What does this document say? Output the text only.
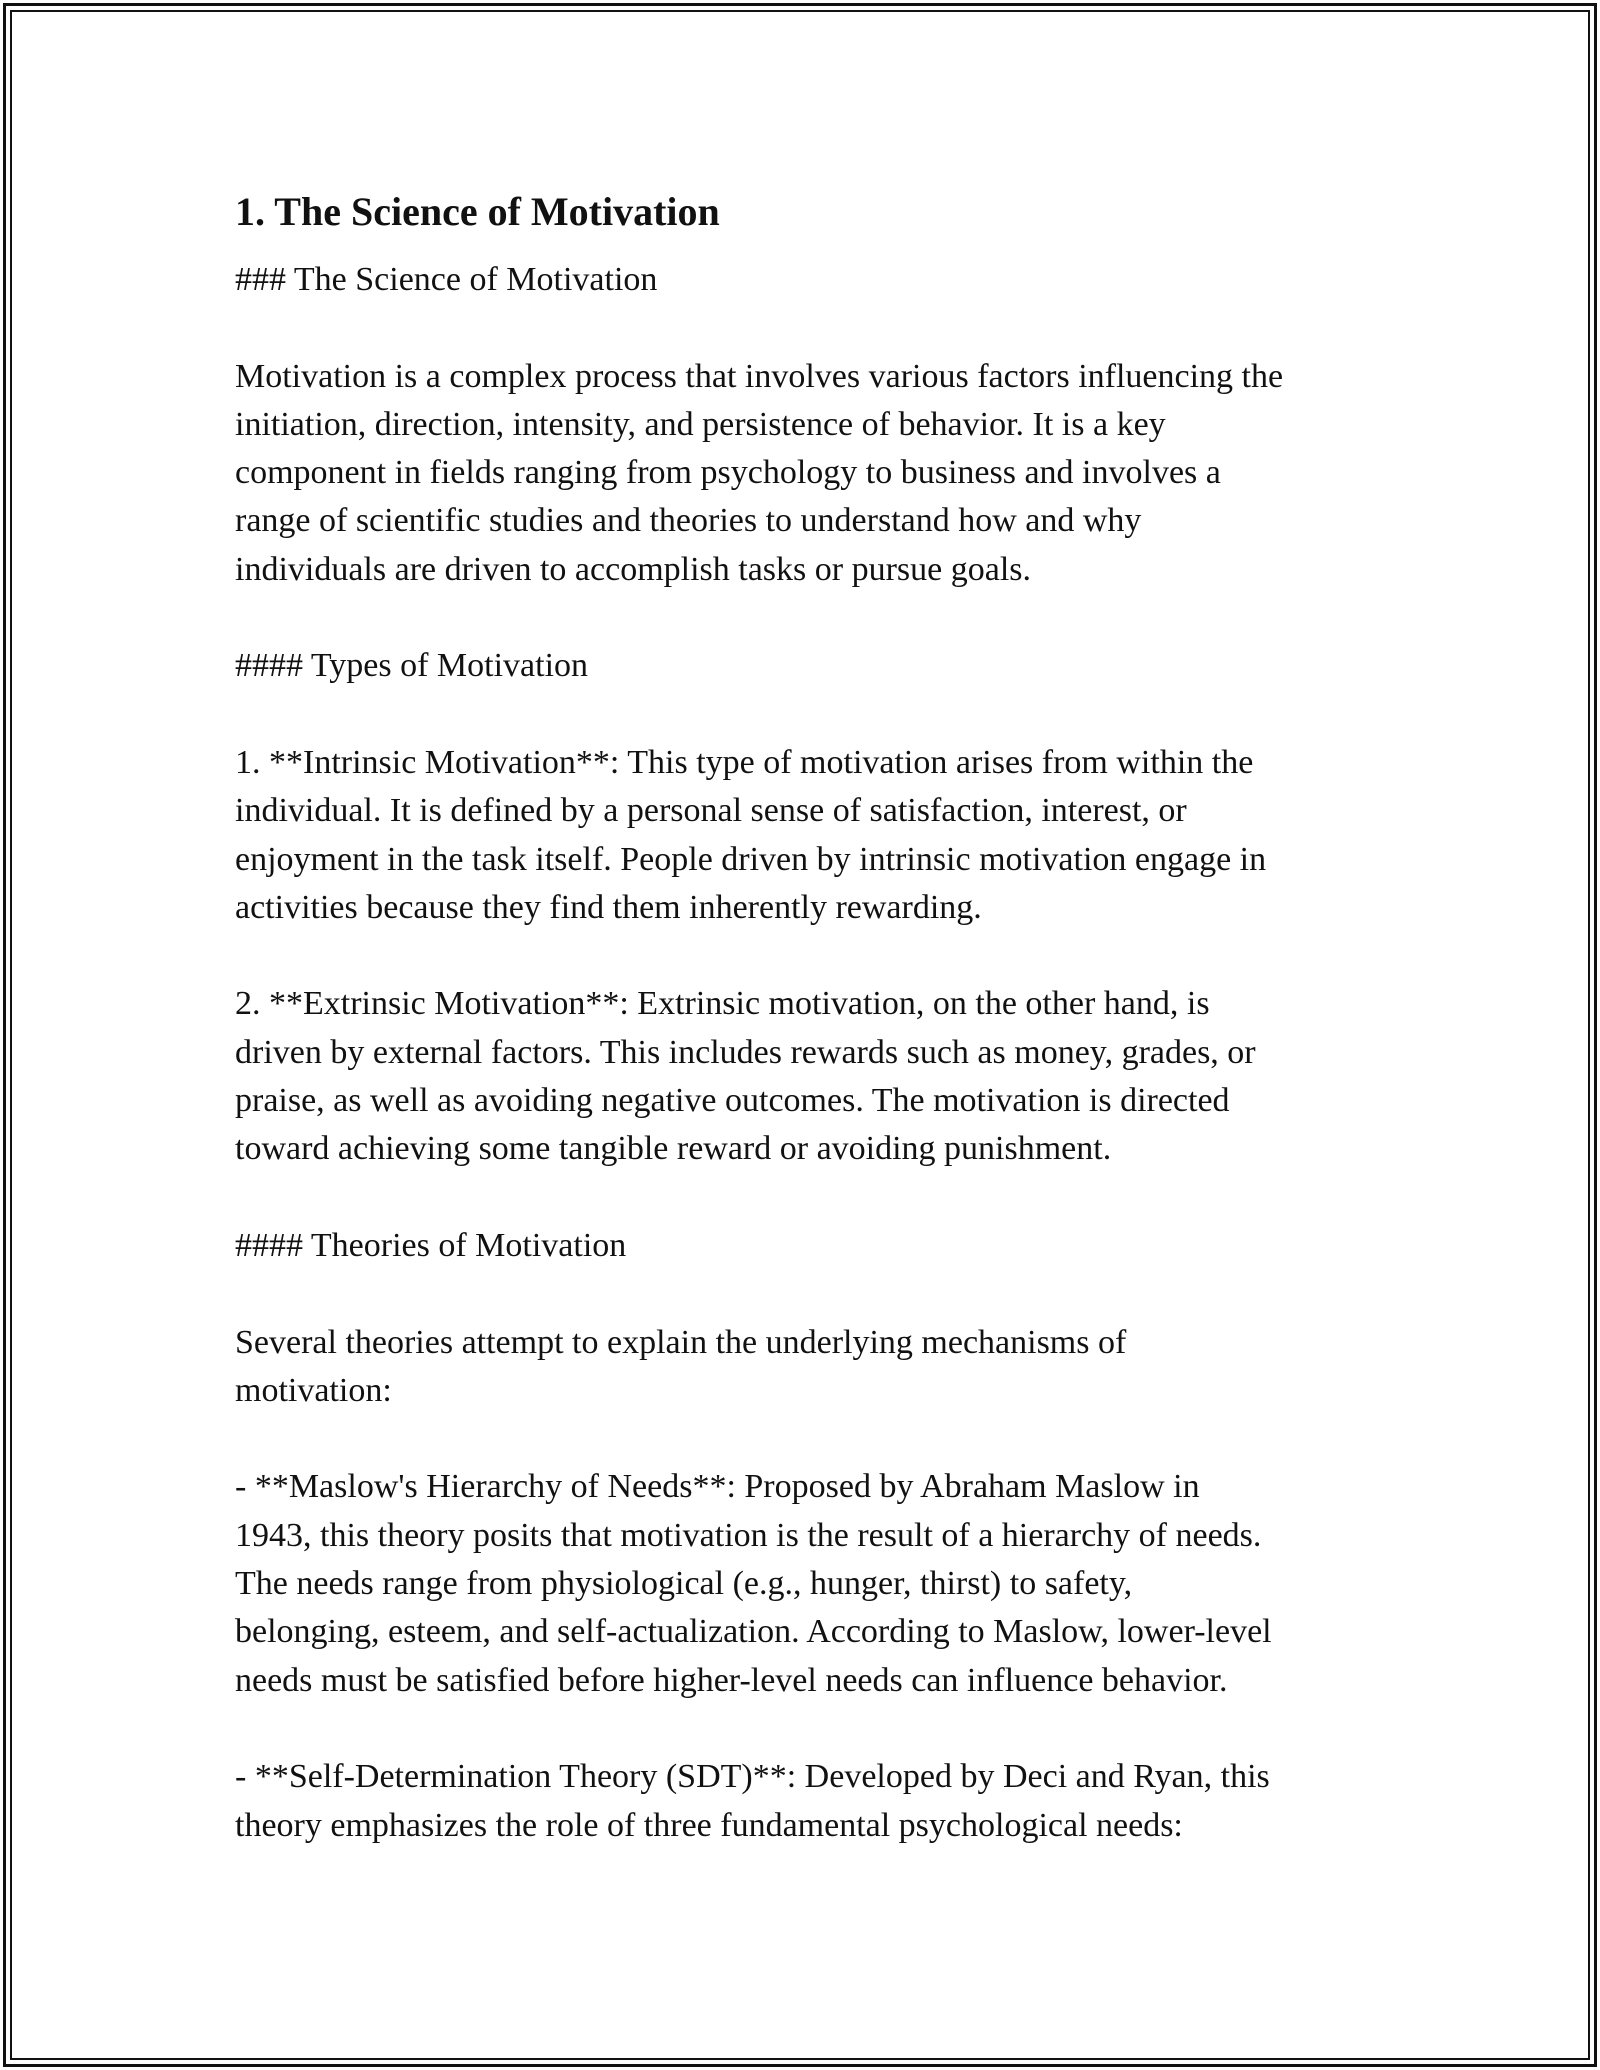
1. The Science of Motivation
### The Science of Motivation
Motivation is a complex process that involves various factors influencing the
initiation, direction, intensity, and persistence of behavior. It is a key
component in fields ranging from psychology to business and involves a
range of scientific studies and theories to understand how and why
individuals are driven to accomplish tasks or pursue goals.
#### Types of Motivation
1. **Intrinsic Motivation**: This type of motivation arises from within the
individual. It is defined by a personal sense of satisfaction, interest, or
enjoyment in the task itself. People driven by intrinsic motivation engage in
activities because they find them inherently rewarding.
2. **Extrinsic Motivation**: Extrinsic motivation, on the other hand, is
driven by external factors. This includes rewards such as money, grades, or
praise, as well as avoiding negative outcomes. The motivation is directed
toward achieving some tangible reward or avoiding punishment.
#### Theories of Motivation
Several theories attempt to explain the underlying mechanisms of
motivation:
- **Maslow's Hierarchy of Needs**: Proposed by Abraham Maslow in
1943, this theory posits that motivation is the result of a hierarchy of needs.
The needs range from physiological (e.g., hunger, thirst) to safety,
belonging, esteem, and self-actualization. According to Maslow, lower-level
needs must be satisfied before higher-level needs can influence behavior.
- **Self-Determination Theory (SDT)**: Developed by Deci and Ryan, this
theory emphasizes the role of three fundamental psychological needs:
